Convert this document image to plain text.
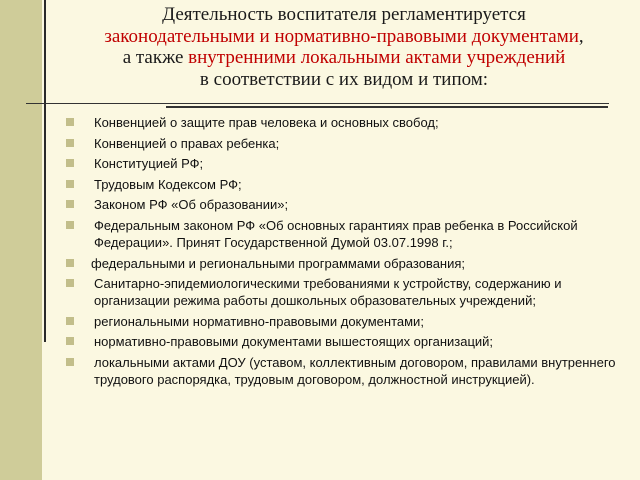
Деятельность воспитателя регламентируется
законодательными и нормативно-правовыми документами,
а также внутренними локальными актами учреждений
в соответствии с их видом и типом:
Конвенцией о защите прав человека и основных свобод;
Конвенцией о правах ребенка;
Конституцией РФ;
Трудовым Кодексом РФ;
Законом РФ «Об образовании»;
Федеральным законом РФ «Об основных гарантиях прав ребенка в Российской Федерации». Принят Государственной Думой 03.07.1998 г.;
федеральными и региональными программами образования;
Санитарно-эпидемиологическими требованиями к устройству, содержанию и организации режима работы дошкольных образовательных учреждений;
региональными нормативно-правовыми документами;
нормативно-правовыми документами вышестоящих организаций;
локальными актами ДОУ (уставом, коллективным договором, правилами внутреннего трудового распорядка, трудовым договором, должностной инструкцией).
